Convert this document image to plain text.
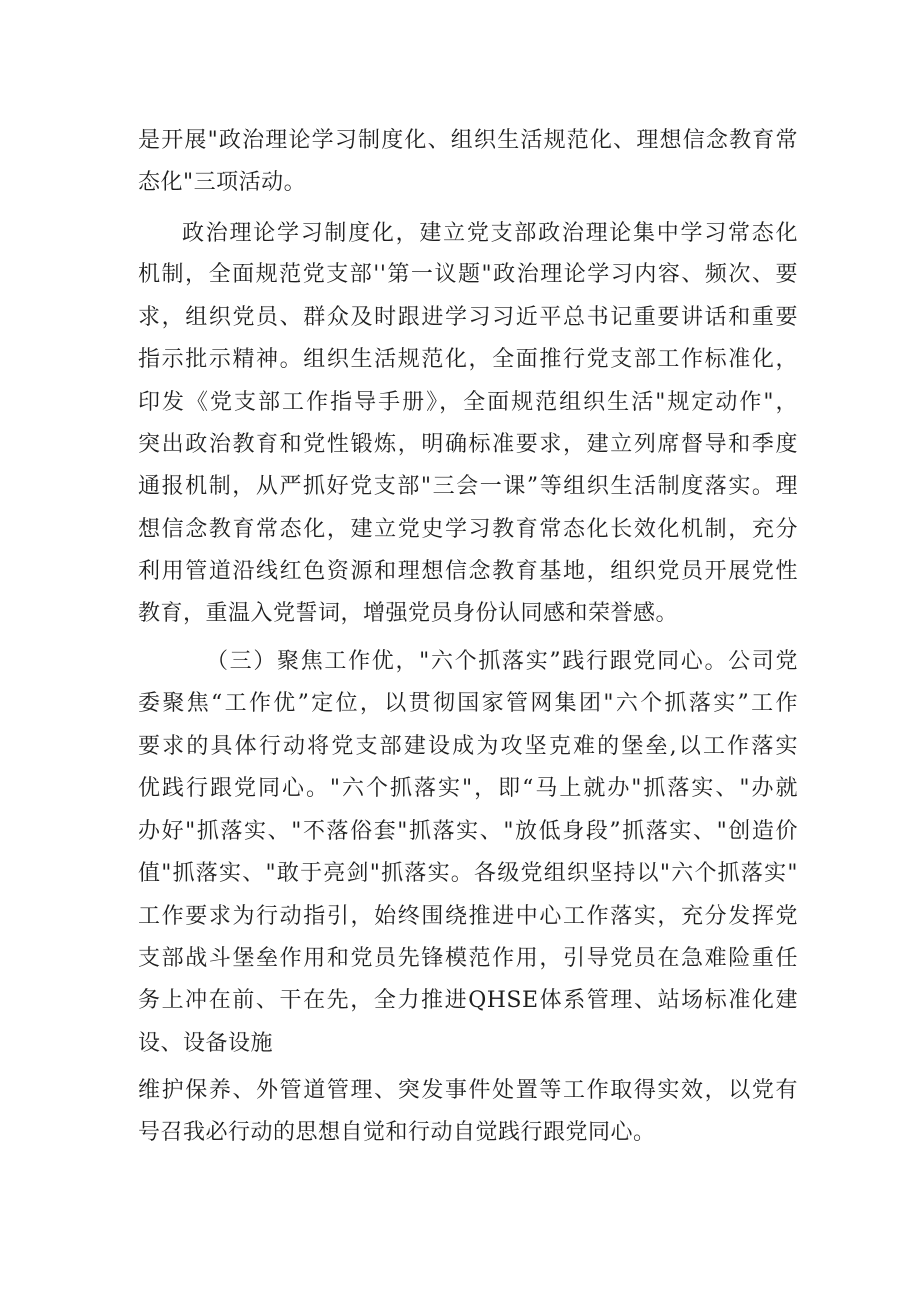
是开展"政治理论学习制度化、组织生活规范化、理想信念教育常
态化"三项活动。
政治理论学习制度化，建立党支部政治理论集中学习常态化
机制，全面规范党支部''第一议题"政治理论学习内容、频次、要
求，组织党员、群众及时跟进学习习近平总书记重要讲话和重要
指示批示精神。组织生活规范化，全面推行党支部工作标准化，
印发《党支部工作指导手册》，全面规范组织生活"规定动作"，
突出政治教育和党性锻炼，明确标准要求，建立列席督导和季度
通报机制，从严抓好党支部"三会一课”等组织生活制度落实。理
想信念教育常态化，建立党史学习教育常态化长效化机制，充分
利用管道沿线红色资源和理想信念教育基地，组织党员开展党性
教育，重温入党誓词，增强党员身份认同感和荣誉感。
（三）聚焦工作优，"六个抓落实”践行跟党同心。公司党
委聚焦“工作优”定位，以贯彻国家管网集团"六个抓落实”工作
要求的具体行动将党支部建设成为攻坚克难的堡垒,以工作落实
优践行跟党同心。"六个抓落实"，即“马上就办"抓落实、"办就
办好"抓落实、"不落俗套"抓落实、"放低身段”抓落实、"创造价
值"抓落实、"敢于亮剑"抓落实。各级党组织坚持以"六个抓落实"
工作要求为行动指引，始终围绕推进中心工作落实，充分发挥党
支部战斗堡垒作用和党员先锋模范作用，引导党员在急难险重任
务上冲在前、干在先，全力推进QHSE体系管理、站场标准化建
设、设备设施
维护保养、外管道管理、突发事件处置等工作取得实效，以党有
号召我必行动的思想自觉和行动自觉践行跟党同心。
